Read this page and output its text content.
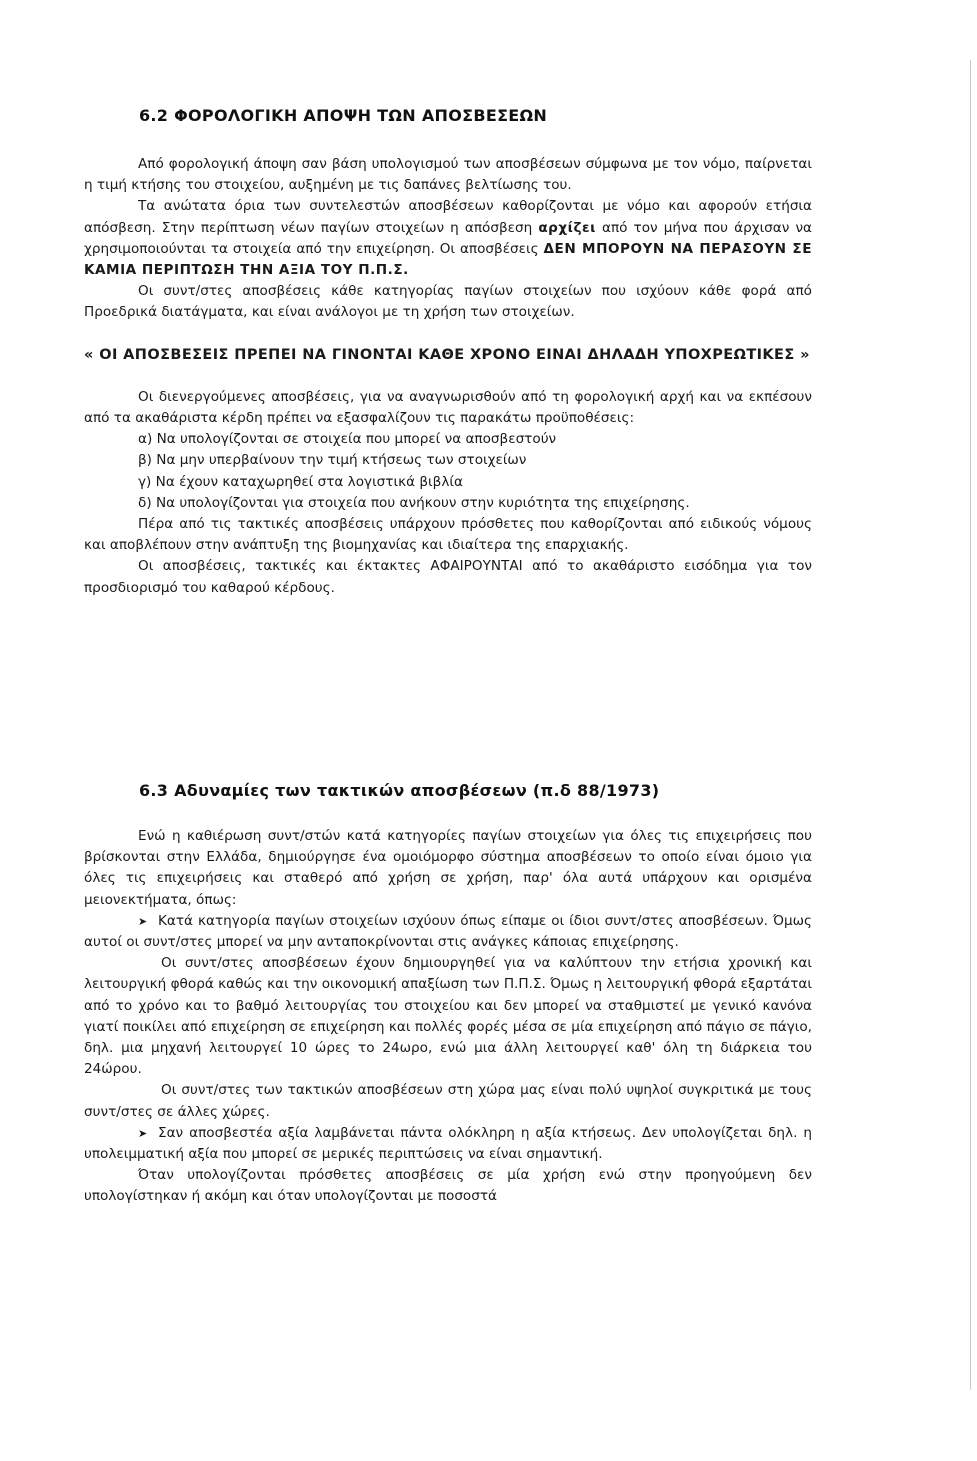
6.2 ΦΟΡΟΛΟΓΙΚΗ ΑΠΟΨΗ ΤΩΝ ΑΠΟΣΒΕΣΕΩΝ

Από φορολογική άποψη σαν βάση υπολογισμού των αποσβέσεων σύμφωνα με τον νόμο, παίρνεται η τιμή κτήσης του στοιχείου, αυξημένη με τις δαπάνες βελτίωσης του.

Τα ανώτατα όρια των συντελεστών αποσβέσεων καθορίζονται με νόμο και αφορούν ετήσια απόσβεση. Στην περίπτωση νέων παγίων στοιχείων η απόσβεση αρχίζει από τον μήνα που άρχισαν να χρησιμοποιούνται τα στοιχεία από την επιχείρηση. Οι αποσβέσεις ΔΕΝ ΜΠΟΡΟΥΝ ΝΑ ΠΕΡΑΣΟΥΝ ΣΕ ΚΑΜΙΑ ΠΕΡΙΠΤΩΣΗ ΤΗΝ ΑΞΙΑ ΤΟΥ Π.Π.Σ.

Οι συντ/στες αποσβέσεις κάθε κατηγορίας παγίων στοιχείων που ισχύουν κάθε φορά από Προεδρικά διατάγματα, και είναι ανάλογοι με τη χρήση των στοιχείων.

« ΟΙ ΑΠΟΣΒΕΣΕΙΣ ΠΡΕΠΕΙ ΝΑ ΓΙΝΟΝΤΑΙ ΚΑΘΕ ΧΡΟΝΟ ΕΙΝΑΙ ΔΗΛΑΔΗ ΥΠΟΧΡΕΩΤΙΚΕΣ »

Οι διενεργούμενες αποσβέσεις, για να αναγνωρισθούν από τη φορολογική αρχή και να εκπέσουν από τα ακαθάριστα κέρδη πρέπει να εξασφαλίζουν τις παρακάτω προϋποθέσεις:

α) Να υπολογίζονται σε στοιχεία που μπορεί να αποσβεστούν
β) Να μην υπερβαίνουν την τιμή κτήσεως των στοιχείων
γ) Να έχουν καταχωρηθεί στα λογιστικά βιβλία
δ) Να υπολογίζονται για στοιχεία που ανήκουν στην κυριότητα της επιχείρησης.

Πέρα από τις τακτικές αποσβέσεις υπάρχουν πρόσθετες που καθορίζονται από ειδικούς νόμους και αποβλέπουν στην ανάπτυξη της βιομηχανίας και ιδιαίτερα της επαρχιακής.

Οι αποσβέσεις, τακτικές και έκτακτες ΑΦΑΙΡΟΥΝΤΑΙ από το ακαθάριστο εισόδημα για τον προσδιορισμό του καθαρού κέρδους.

6.3 Αδυναμίες των τακτικών αποσβέσεων (π.δ 88/1973)

Ενώ η καθιέρωση συντ/στών κατά κατηγορίες παγίων στοιχείων για όλες τις επιχειρήσεις που βρίσκονται στην Ελλάδα, δημιούργησε ένα ομοιόμορφο σύστημα αποσβέσεων το οποίο είναι όμοιο για όλες τις επιχειρήσεις και σταθερό από χρήση σε χρήση, παρ' όλα αυτά υπάρχουν και ορισμένα μειονεκτήματα, όπως:

➤ Κατά κατηγορία παγίων στοιχείων ισχύουν όπως είπαμε οι ίδιοι συντ/στες αποσβέσεων. Όμως αυτοί οι συντ/στες μπορεί να μην ανταποκρίνονται στις ανάγκες κάποιας επιχείρησης.

Οι συντ/στες αποσβέσεων έχουν δημιουργηθεί για να καλύπτουν την ετήσια χρονική και λειτουργική φθορά καθώς και την οικονομική απαξίωση των Π.Π.Σ. Όμως η λειτουργική φθορά εξαρτάται από το χρόνο και το βαθμό λειτουργίας του στοιχείου και δεν μπορεί να σταθμιστεί με γενικό κανόνα γιατί ποικίλει από επιχείρηση σε επιχείρηση και πολλές φορές μέσα σε μία επιχείρηση από πάγιο σε πάγιο, δηλ. μια μηχανή λειτουργεί 10 ώρες το 24ωρο, ενώ μια άλλη λειτουργεί καθ' όλη τη διάρκεια του 24ώρου.

Οι συντ/στες των τακτικών αποσβέσεων στη χώρα μας είναι πολύ υψηλοί συγκριτικά με τους συντ/στες σε άλλες χώρες.

➤ Σαν αποσβεστέα αξία λαμβάνεται πάντα ολόκληρη η αξία κτήσεως. Δεν υπολογίζεται δηλ. η υπολειμματική αξία που μπορεί σε μερικές περιπτώσεις να είναι σημαντική.

Όταν υπολογίζονται πρόσθετες αποσβέσεις σε μία χρήση ενώ στην προηγούμενη δεν υπολογίστηκαν ή ακόμη και όταν υπολογίζονται με ποσοστά
